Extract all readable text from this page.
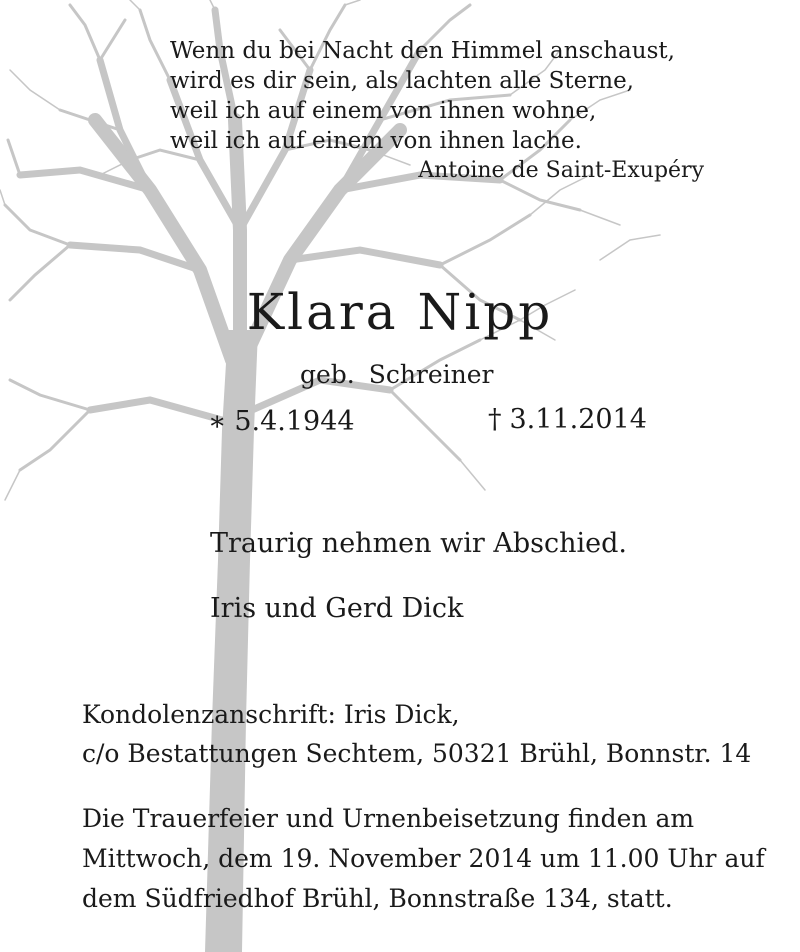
Wenn du bei Nacht den Himmel anschaust,
wird es dir sein, als lachten alle Sterne,
weil ich auf einem von ihnen wohne,
weil ich auf einem von ihnen lache.
Antoine de Saint-Exupéry
Klara Nipp
geb. Schreiner
∗ 5.4.1944	† 3.11.2014
Traurig nehmen wir Abschied.
Iris und Gerd Dick
Kondolenzanschrift: Iris Dick,
c/o Bestattungen Sechtem, 50321 Brühl, Bonnstr. 14
Die Trauerfeier und Urnenbeisetzung finden am
Mittwoch, dem 19. November 2014 um 11.00 Uhr auf
dem Südfriedhof Brühl, Bonnstraße 134, statt.
